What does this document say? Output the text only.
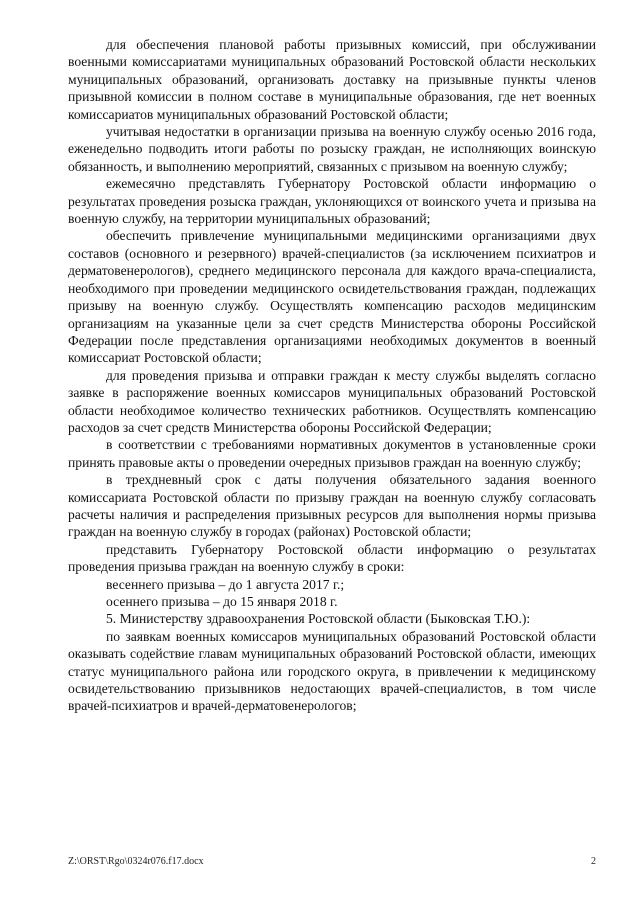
для обеспечения плановой работы призывных комиссий, при обслуживании военными комиссариатами муниципальных образований Ростовской области нескольких муниципальных образований, организовать доставку на призывные пункты членов призывной комиссии в полном составе в муниципальные образования, где нет военных комиссариатов муниципальных образований Ростовской области;

учитывая недостатки в организации призыва на военную службу осенью 2016 года, еженедельно подводить итоги работы по розыску граждан, не исполняющих воинскую обязанность, и выполнению мероприятий, связанных с призывом на военную службу;

ежемесячно представлять Губернатору Ростовской области информацию о результатах проведения розыска граждан, уклоняющихся от воинского учета и призыва на военную службу, на территории муниципальных образований;

обеспечить привлечение муниципальными медицинскими организациями двух составов (основного и резервного) врачей-специалистов (за исключением психиатров и дерматовенерологов), среднего медицинского персонала для каждого врача-специалиста, необходимого при проведении медицинского освидетельствования граждан, подлежащих призыву на военную службу. Осуществлять компенсацию расходов медицинским организациям на указанные цели за счет средств Министерства обороны Российской Федерации после представления организациями необходимых документов в военный комиссариат Ростовской области;

для проведения призыва и отправки граждан к месту службы выделять согласно заявке в распоряжение военных комиссаров муниципальных образований Ростовской области необходимое количество технических работников. Осуществлять компенсацию расходов за счет средств Министерства обороны Российской Федерации;

в соответствии с требованиями нормативных документов в установленные сроки принять правовые акты о проведении очередных призывов граждан на военную службу;

в трехдневный срок с даты получения обязательного задания военного комиссариата Ростовской области по призыву граждан на военную службу согласовать расчеты наличия и распределения призывных ресурсов для выполнения нормы призыва граждан на военную службу в городах (районах) Ростовской области;

представить Губернатору Ростовской области информацию о результатах проведения призыва граждан на военную службу в сроки:

весеннего призыва – до 1 августа 2017 г.;

осеннего призыва – до 15 января 2018 г.

5. Министерству здравоохранения Ростовской области (Быковская Т.Ю.):

по заявкам военных комиссаров муниципальных образований Ростовской области оказывать содействие главам муниципальных образований Ростовской области, имеющих статус муниципального района или городского округа, в привлечении к медицинскому освидетельствованию призывников недостающих врачей-специалистов, в том числе врачей-психиатров и врачей-дерматовенерологов;

Z:\ORST\Rgo\0324r076.f17.docx	2
